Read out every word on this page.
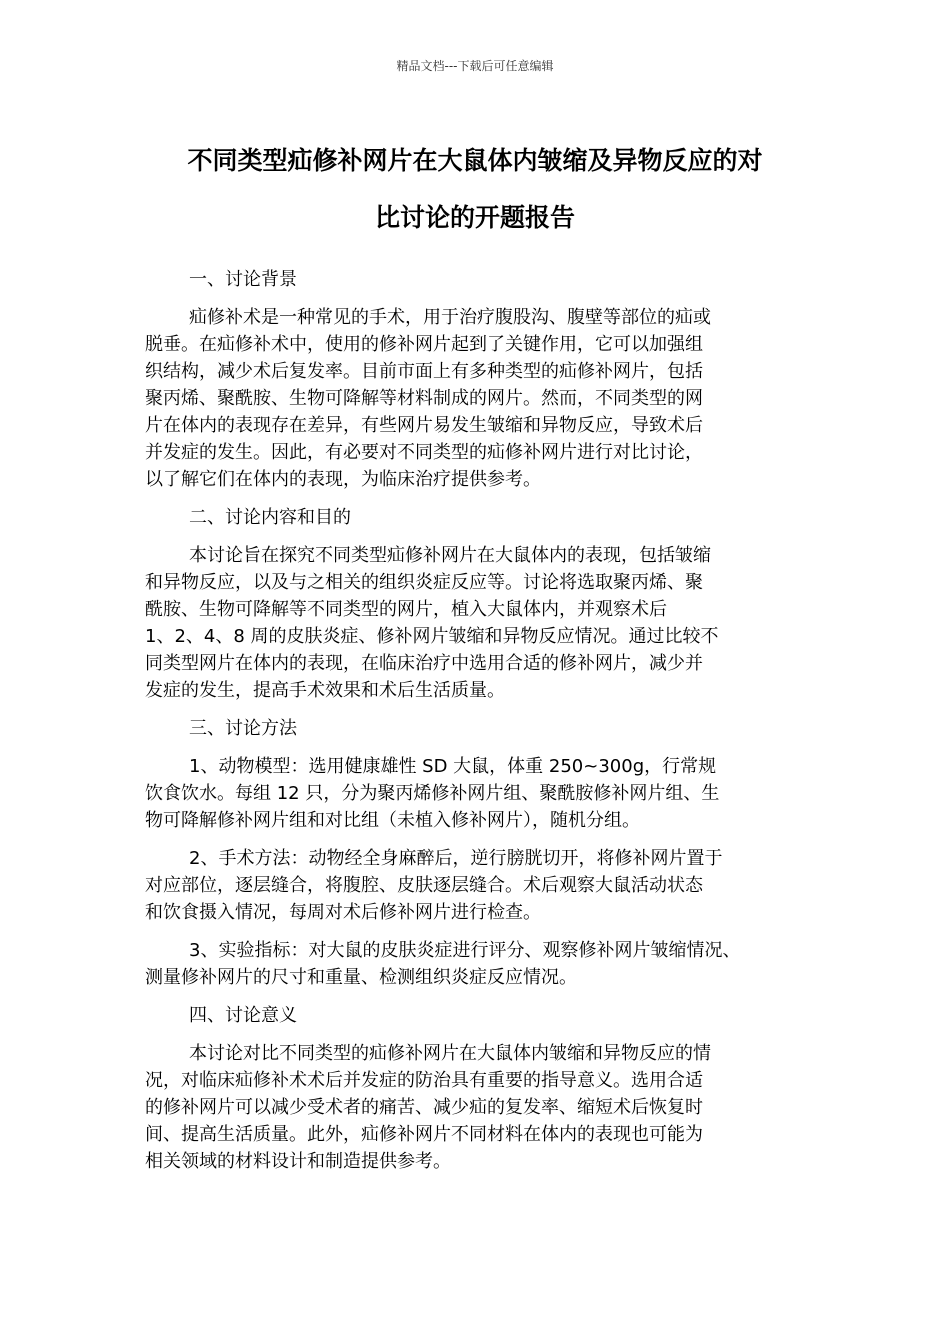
精品文档---下载后可任意编辑
不同类型疝修补网片在大鼠体内皱缩及异物反应的对
比讨论的开题报告

一、讨论背景

疝修补术是一种常见的手术，用于治疗腹股沟、腹壁等部位的疝或
脱垂。在疝修补术中，使用的修补网片起到了关键作用，它可以加强组
织结构，减少术后复发率。目前市面上有多种类型的疝修补网片，包括
聚丙烯、聚酰胺、生物可降解等材料制成的网片。然而，不同类型的网
片在体内的表现存在差异，有些网片易发生皱缩和异物反应，导致术后
并发症的发生。因此，有必要对不同类型的疝修补网片进行对比讨论，
以了解它们在体内的表现，为临床治疗提供参考。

二、讨论内容和目的

本讨论旨在探究不同类型疝修补网片在大鼠体内的表现，包括皱缩
和异物反应，以及与之相关的组织炎症反应等。讨论将选取聚丙烯、聚
酰胺、生物可降解等不同类型的网片，植入大鼠体内，并观察术后
1、2、4、8 周的皮肤炎症、修补网片皱缩和异物反应情况。通过比较不
同类型网片在体内的表现，在临床治疗中选用合适的修补网片，减少并
发症的发生，提高手术效果和术后生活质量。

三、讨论方法

1、动物模型：选用健康雄性 SD 大鼠，体重 250~300g，行常规
饮食饮水。每组 12 只，分为聚丙烯修补网片组、聚酰胺修补网片组、生
物可降解修补网片组和对比组（未植入修补网片），随机分组。

2、手术方法：动物经全身麻醉后，逆行膀胱切开，将修补网片置于
对应部位，逐层缝合，将腹腔、皮肤逐层缝合。术后观察大鼠活动状态
和饮食摄入情况，每周对术后修补网片进行检查。

3、实验指标：对大鼠的皮肤炎症进行评分、观察修补网片皱缩情况、
测量修补网片的尺寸和重量、检测组织炎症反应情况。

四、讨论意义

本讨论对比不同类型的疝修补网片在大鼠体内皱缩和异物反应的情
况，对临床疝修补术术后并发症的防治具有重要的指导意义。选用合适
的修补网片可以减少受术者的痛苦、减少疝的复发率、缩短术后恢复时
间、提高生活质量。此外，疝修补网片不同材料在体内的表现也可能为
相关领域的材料设计和制造提供参考。
